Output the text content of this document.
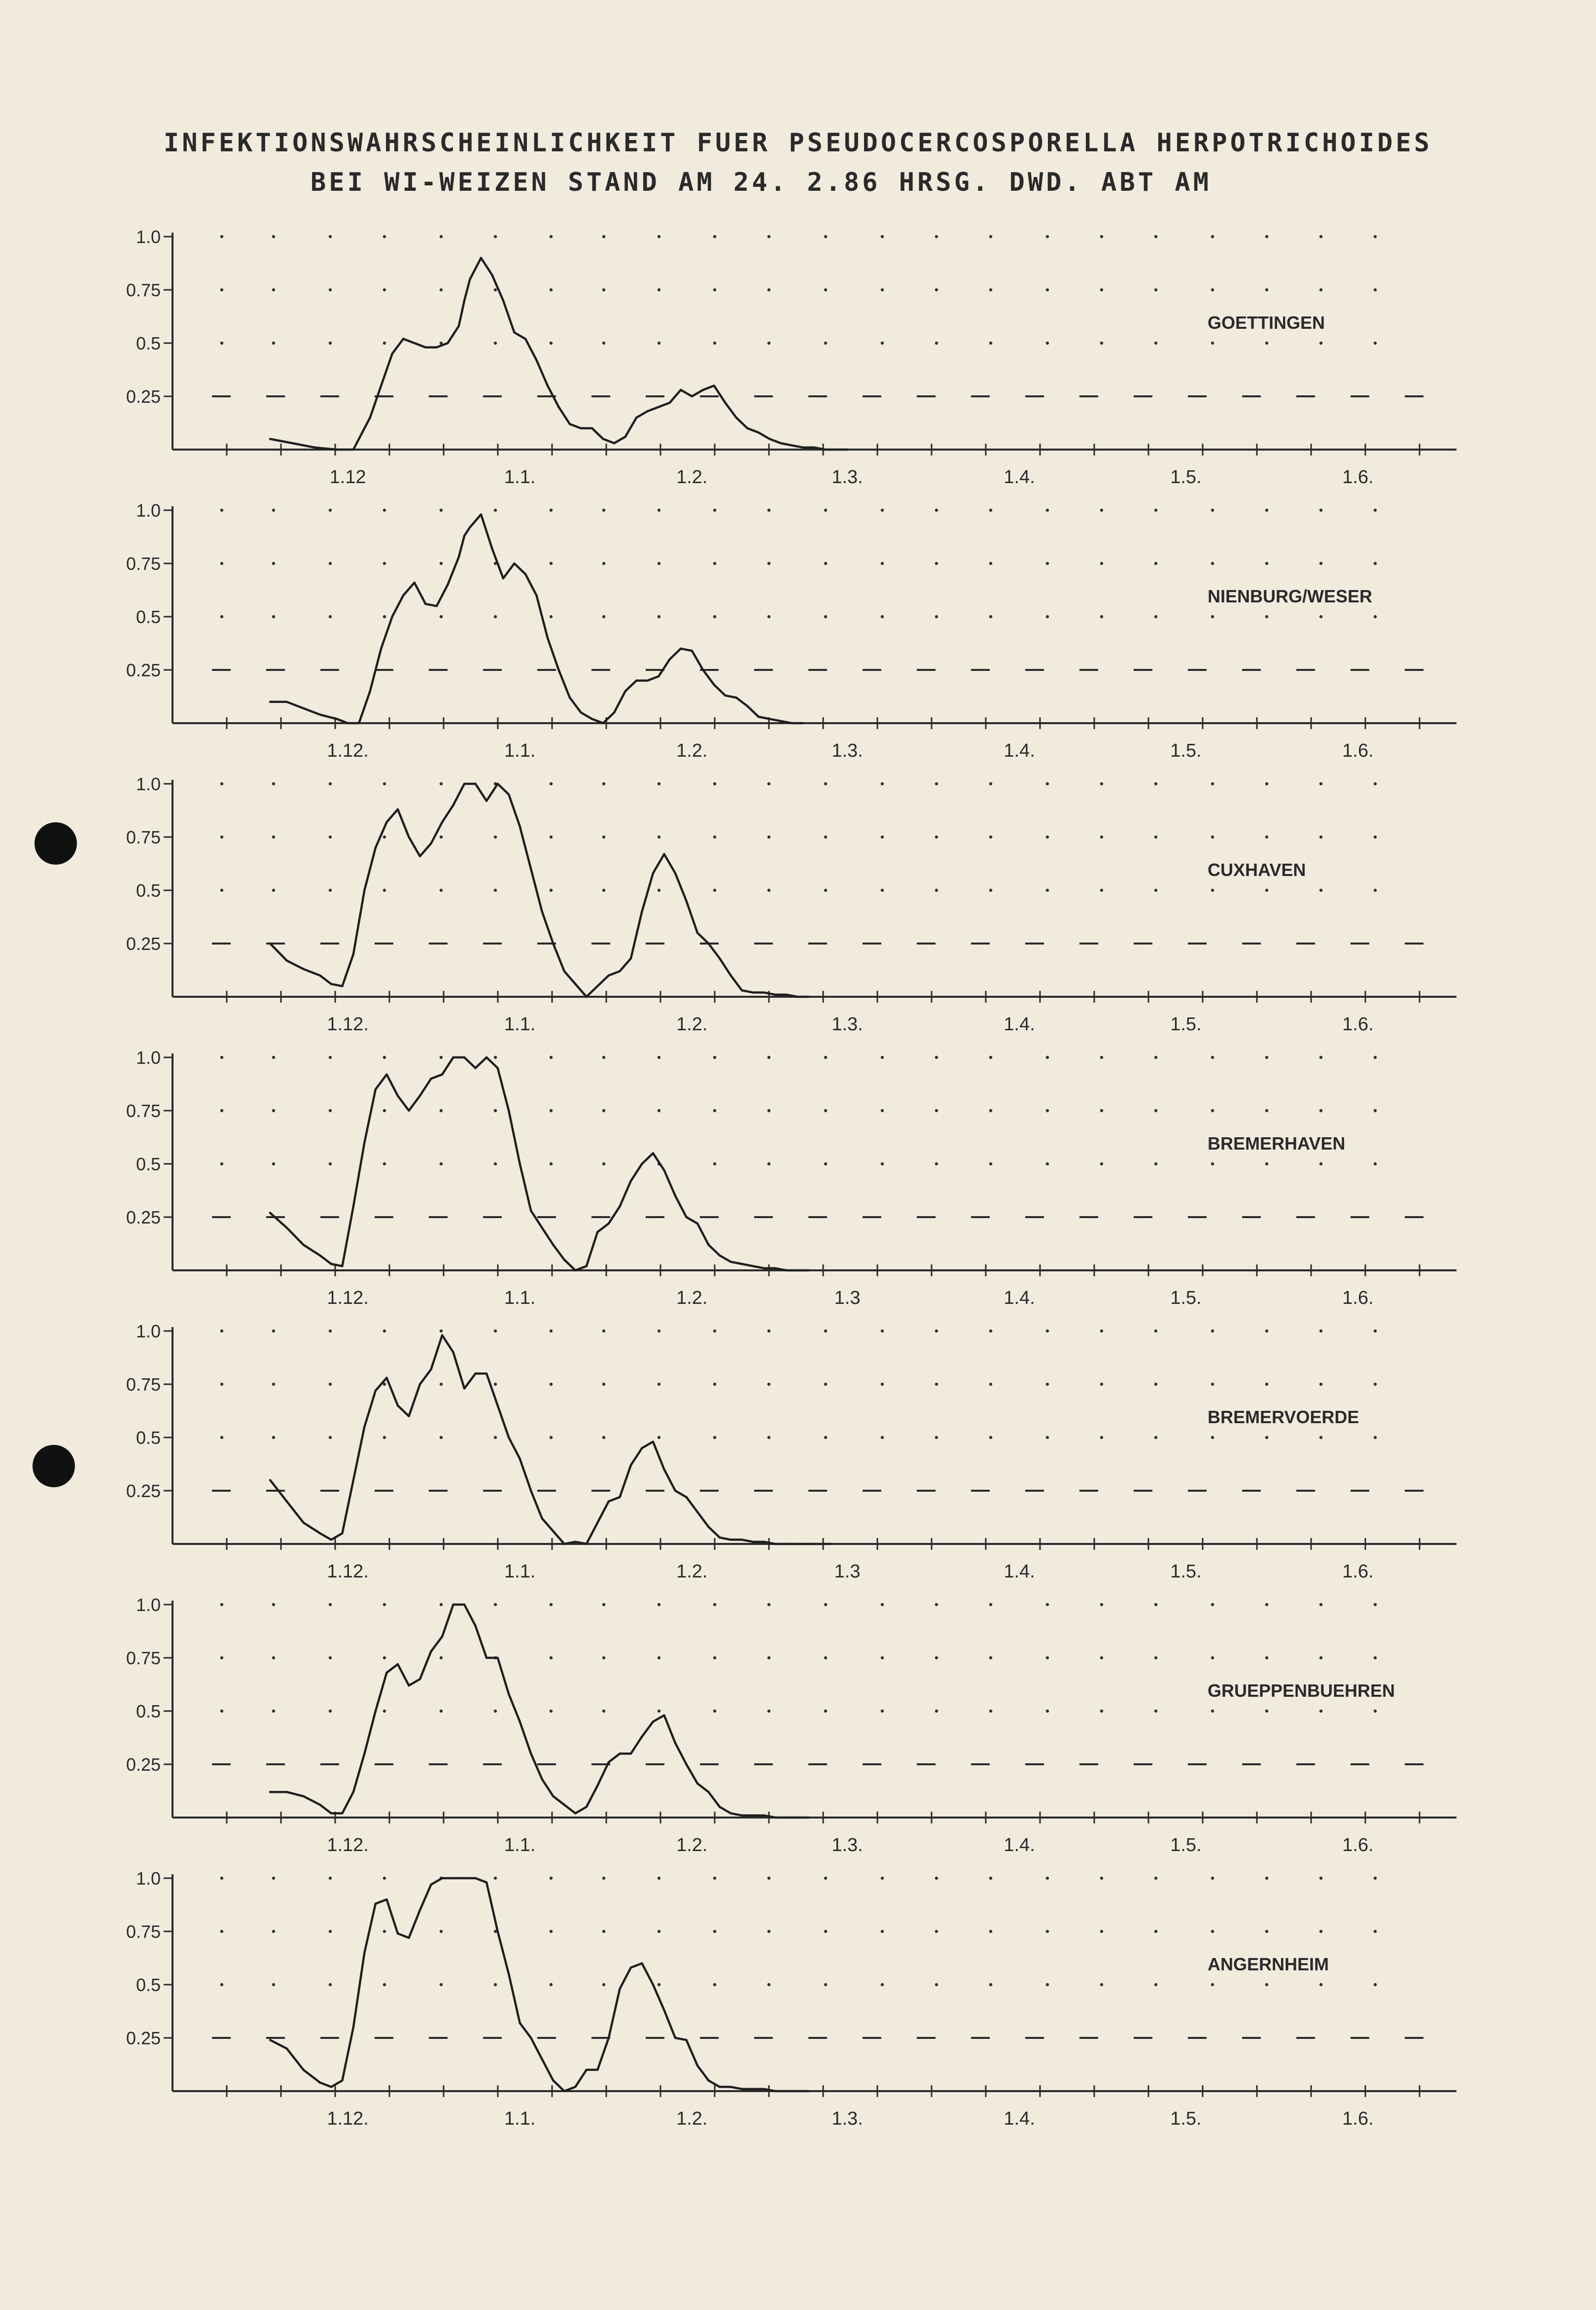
INFEKTIONSWAHRSCHEINLICHKEIT FUER PSEUDOCERCOSPORELLA HERPOTRICHOIDES
BEI WI-WEIZEN STAND AM 24. 2.86 HRSG. DWD. ABT AM
1.0
0.75
0.5
0.25
1.12	1.1.	1.2.	1.3.	1.4.	1.5.	1.6.
GOETTINGEN
1.0
0.75
0.5
0.25
1.12.	1.1.	1.2.	1.3.	1.4.	1.5.	1.6.
NIENBURG/WESER
1.0
0.75
0.5
0.25
1.12.	1.1.	1.2.	1.3.	1.4.	1.5.	1.6.
CUXHAVEN
1.0
0.75
0.5
0.25
1.12.	1.1.	1.2.	1.3	1.4.	1.5.	1.6.
BREMERHAVEN
1.0
0.75
0.5
0.25
1.12.	1.1.	1.2.	1.3	1.4.	1.5.	1.6.
BREMERVOERDE
1.0
0.75
0.5
0.25
1.12.	1.1.	1.2.	1.3.	1.4.	1.5.	1.6.
GRUEPPENBUEHREN
1.0
0.75
0.5
0.25
1.12.	1.1.	1.2.	1.3.	1.4.	1.5.	1.6.
ANGERNHEIM
